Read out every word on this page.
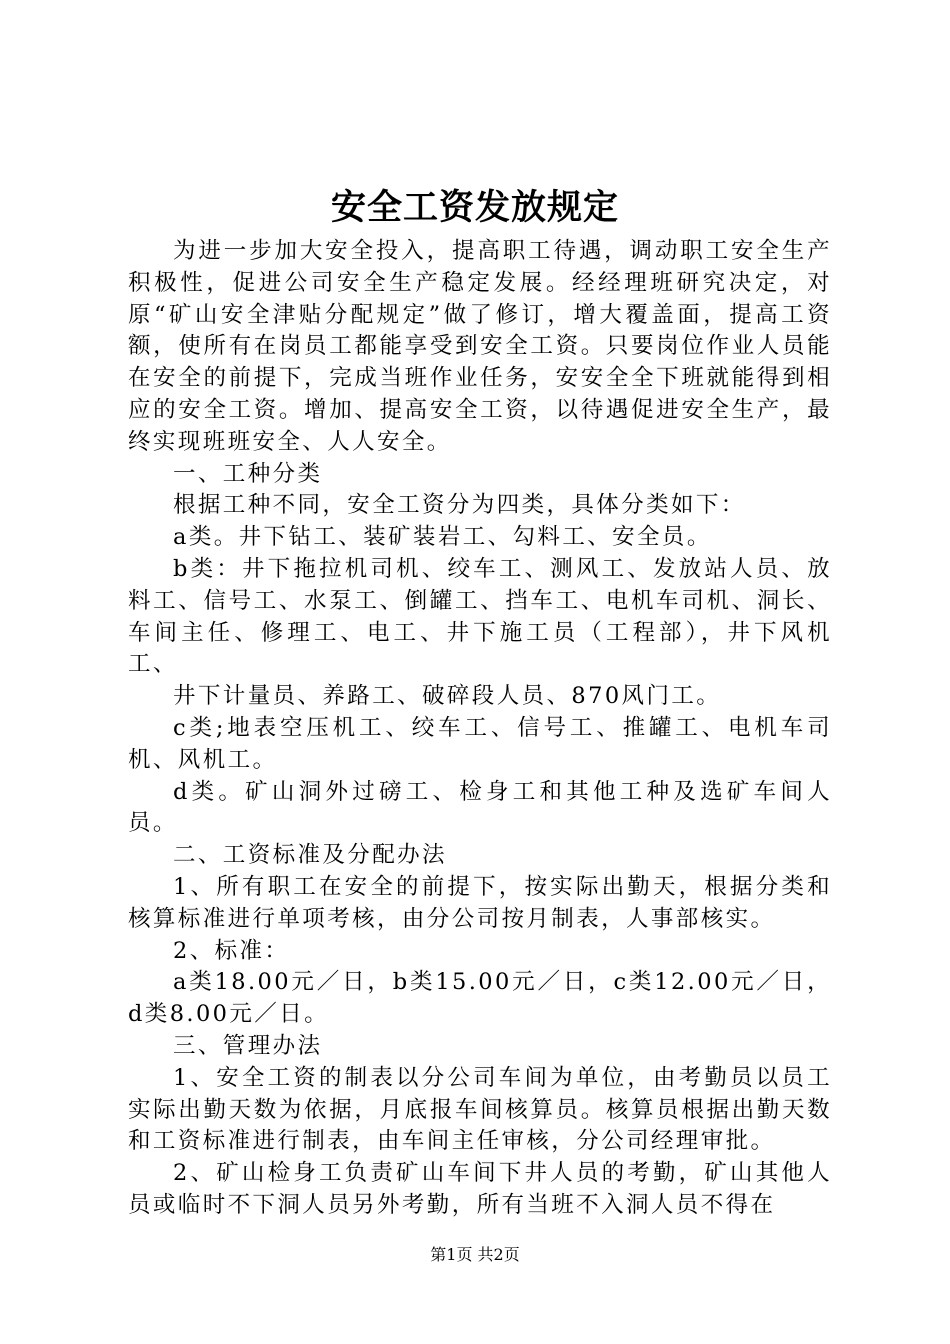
安全工资发放规定

为进一步加大安全投入，提高职工待遇，调动职工安全生产积极性，促进公司安全生产稳定发展。经经理班研究决定，对原“矿山安全津贴分配规定”做了修订，增大覆盖面，提高工资额，使所有在岗员工都能享受到安全工资。只要岗位作业人员能在安全的前提下，完成当班作业任务，安安全全下班就能得到相应的安全工资。增加、提高安全工资，以待遇促进安全生产，最终实现班班安全、人人安全。

一、工种分类

根据工种不同，安全工资分为四类，具体分类如下：

a类。井下钻工、装矿装岩工、勾料工、安全员。

b类：井下拖拉机司机、绞车工、测风工、发放站人员、放料工、信号工、水泵工、倒罐工、挡车工、电机车司机、洞长、车间主任、修理工、电工、井下施工员（工程部），井下风机工、

井下计量员、养路工、破碎段人员、870风门工。

c类;地表空压机工、绞车工、信号工、推罐工、电机车司机、风机工。

d类。矿山洞外过磅工、检身工和其他工种及选矿车间人员。

二、工资标准及分配办法

1、所有职工在安全的前提下，按实际出勤天，根据分类和核算标准进行单项考核，由分公司按月制表，人事部核实。

2、标准：

a类18.00元／日，b类15.00元／日，c类12.00元／日，d类8.00元／日。

三、管理办法

1、安全工资的制表以分公司车间为单位，由考勤员以员工实际出勤天数为依据，月底报车间核算员。核算员根据出勤天数和工资标准进行制表，由车间主任审核，分公司经理审批。

2、矿山检身工负责矿山车间下井人员的考勤，矿山其他人员或临时不下洞人员另外考勤，所有当班不入洞人员不得在

第1页 共2页
